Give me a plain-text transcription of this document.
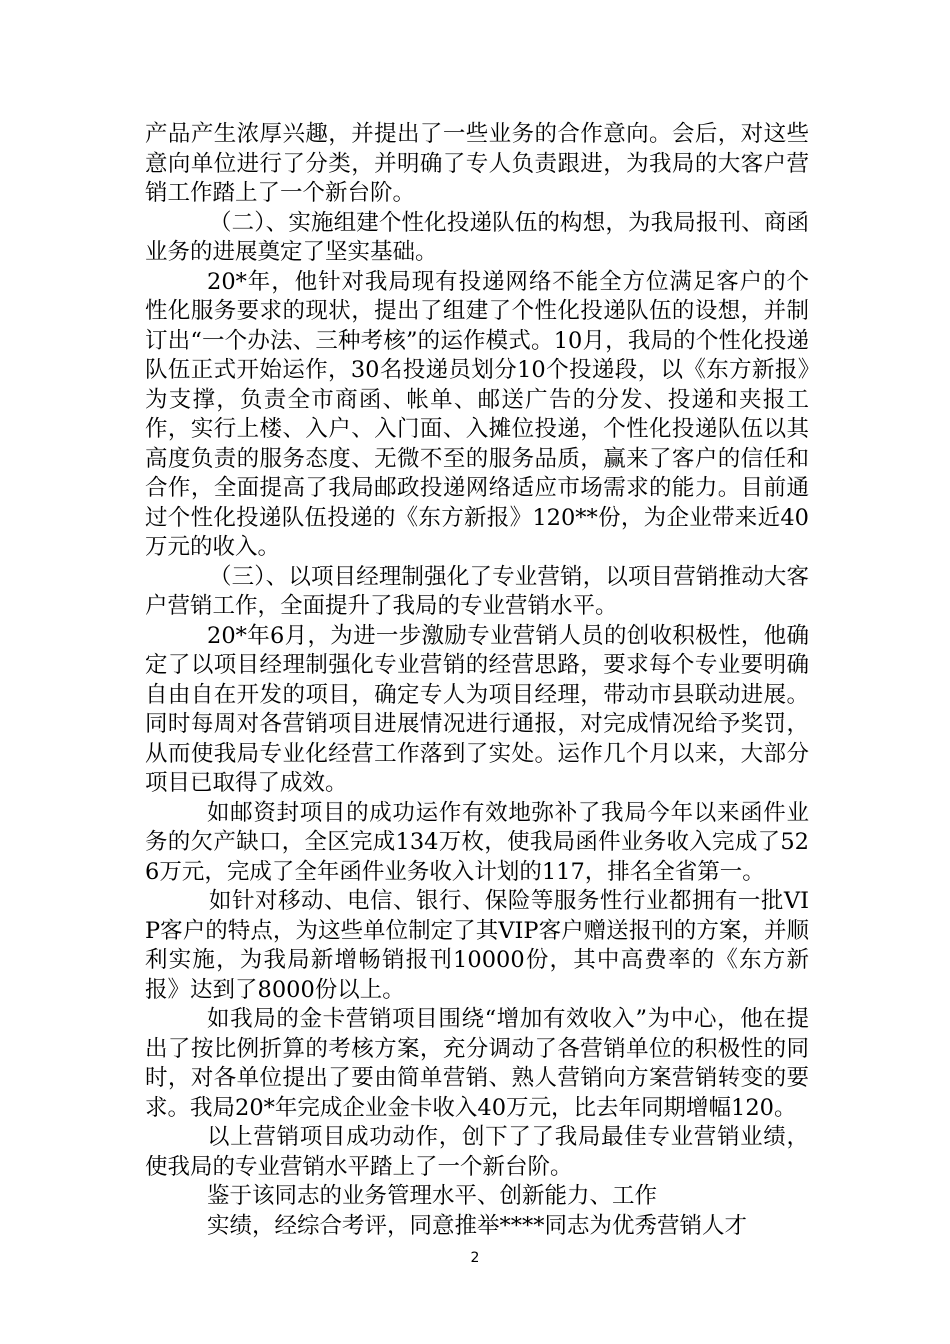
产品产生浓厚兴趣，并提出了一些业务的合作意向。会后，对这些意向单位进行了分类，并明确了专人负责跟进，为我局的大客户营销工作踏上了一个新台阶。

（二）、实施组建个性化投递队伍的构想，为我局报刊、商函业务的进展奠定了坚实基础。

20*年，他针对我局现有投递网络不能全方位满足客户的个性化服务要求的现状，提出了组建了个性化投递队伍的设想，并制订出“一个办法、三种考核”的运作模式。10月，我局的个性化投递队伍正式开始运作，30名投递员划分10个投递段，以《东方新报》为支撑，负责全市商函、帐单、邮送广告的分发、投递和夹报工作，实行上楼、入户、入门面、入摊位投递，个性化投递队伍以其高度负责的服务态度、无微不至的服务品质，赢来了客户的信任和合作，全面提高了我局邮政投递网络适应市场需求的能力。目前通过个性化投递队伍投递的《东方新报》120**份，为企业带来近40万元的收入。

（三）、以项目经理制强化了专业营销，以项目营销推动大客户营销工作，全面提升了我局的专业营销水平。

20*年6月，为进一步激励专业营销人员的创收积极性，他确定了以项目经理制强化专业营销的经营思路，要求每个专业要明确自由自在开发的项目，确定专人为项目经理，带动市县联动进展。同时每周对各营销项目进展情况进行通报，对完成情况给予奖罚，从而使我局专业化经营工作落到了实处。运作几个月以来，大部分项目已取得了成效。

如邮资封项目的成功运作有效地弥补了我局今年以来函件业务的欠产缺口，全区完成134万枚，使我局函件业务收入完成了526万元，完成了全年函件业务收入计划的117，排名全省第一。

如针对移动、电信、银行、保险等服务性行业都拥有一批VIP客户的特点，为这些单位制定了其VIP客户赠送报刊的方案，并顺利实施，为我局新增畅销报刊10000份，其中高费率的《东方新报》达到了8000份以上。

如我局的金卡营销项目围绕“增加有效收入”为中心，他在提出了按比例折算的考核方案，充分调动了各营销单位的积极性的同时，对各单位提出了要由简单营销、熟人营销向方案营销转变的要求。我局20*年完成企业金卡收入40万元，比去年同期增幅120。

以上营销项目成功动作，创下了了我局最佳专业营销业绩，使我局的专业营销水平踏上了一个新台阶。

鉴于该同志的业务管理水平、创新能力、工作

实绩，经综合考评，同意推举****同志为优秀营销人才

2
